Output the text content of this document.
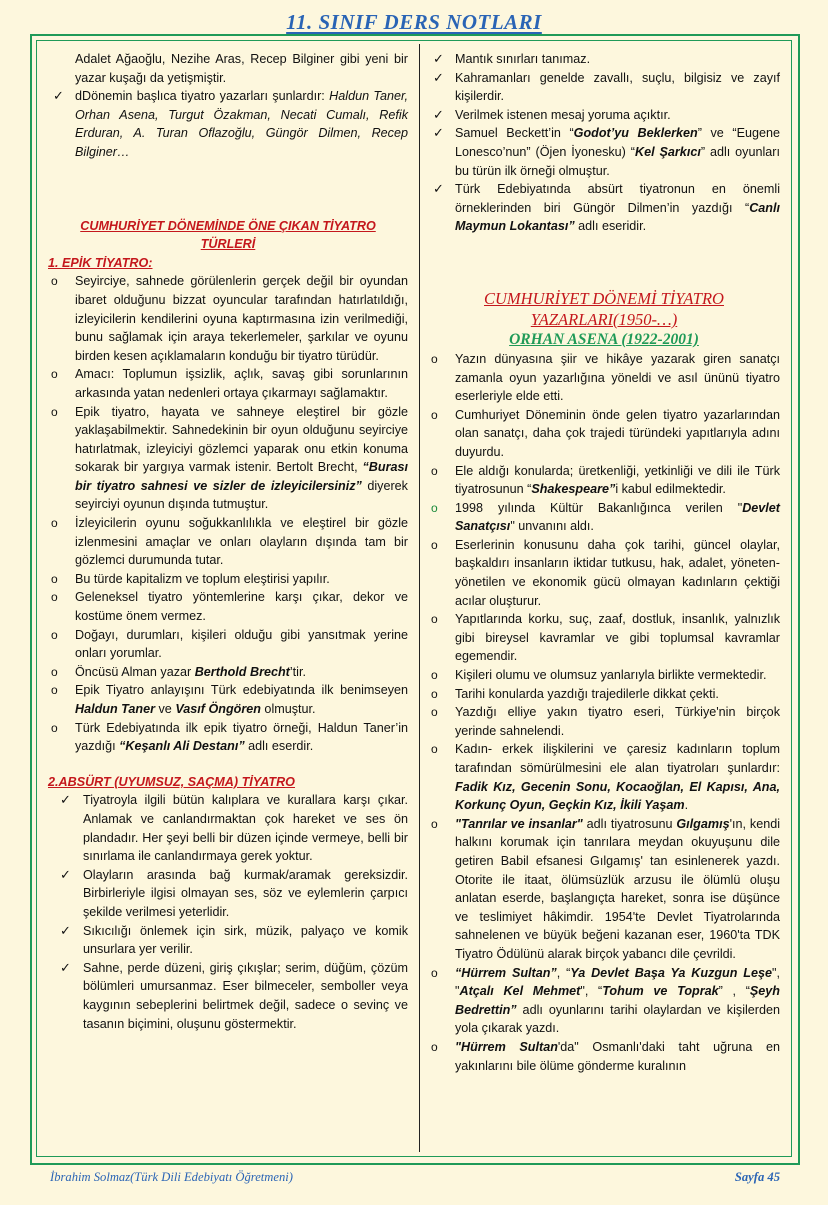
11. SINIF DERS NOTLARI

Adalet Ağaoğlu, Nezihe Aras, Recep Bilginer gibi yeni bir yazar kuşağı da yetişmiştir.

✓ dDönemin başlıca tiyatro yazarları şunlardır: Haldun Taner, Orhan Asena, Turgut Özakman, Necati Cumalı, Refik Erduran, A. Turan Oflazoğlu, Güngör Dilmen, Recep Bilginer…

CUMHURİYET DÖNEMİNDE ÖNE ÇIKAN TİYATRO TÜRLERİ
1. EPİK TİYATRO:

o Seyirciye, sahnede görülenlerin gerçek değil bir oyundan ibaret olduğunu bizzat oyuncular tarafından hatırlatıldığı, izleyicilerin kendilerini oyuna kaptırmasına izin verilmediği, bunu sağlamak için araya tekerlemeler, şarkılar ve oyunu birden kesen açıklamaların konduğu bir tiyatro türüdür.

o Amacı: Toplumun işsizlik, açlık, savaş gibi sorunlarının arkasında yatan nedenleri ortaya çıkarmayı sağlamaktır.

o Epik tiyatro, hayata ve sahneye eleştirel bir gözle yaklaşabilmektir. Sahnedekinin bir oyun olduğunu seyirciye hatırlatmak, izleyiciyi gözlemci yaparak onu etkin konuma sokarak bir yargıya varmak istenir. Bertolt Brecht, “Burası bir tiyatro sahnesi ve sizler de izleyicilersiniz” diyerek seyirciyi oyunun dışında tutmuştur.

o İzleyicilerin oyunu soğukkanlılıkla ve eleştirel bir gözle izlenmesini amaçlar ve onları olayların dışında tam bir gözlemci durumunda tutar.

o Bu türde kapitalizm ve toplum eleştirisi yapılır.

o Geleneksel tiyatro yöntemlerine karşı çıkar, dekor ve kostüme önem vermez.

o Doğayı, durumları, kişileri olduğu gibi yansıtmak yerine onları yorumlar.

o Öncüsü Alman yazar Berthold Brecht’tir.

o Epik Tiyatro anlayışını Türk edebiyatında ilk benimseyen Haldun Taner ve Vasıf Öngören olmuştur.

o Türk Edebiyatında ilk epik tiyatro örneği, Haldun Taner’in yazdığı “Keşanlı Ali Destanı” adlı eserdir.

2.ABSÜRT (UYUMSUZ, SAÇMA) TİYATRO

✓ Tiyatroyla ilgili bütün kalıplara ve kurallara karşı çıkar. Anlamak ve canlandırmaktan çok hareket ve ses ön plandadır. Her şeyi belli bir düzen içinde vermeye, belli bir sınırlama ile canlandırmaya gerek yoktur.

✓ Olayların arasında bağ kurmak/aramak gereksizdir. Birbirleriyle ilgisi olmayan ses, söz ve eylemlerin çarpıcı şekilde verilmesi yeterlidir.

✓ Sıkıcılığı önlemek için sirk, müzik, palyaço ve komik unsurlara yer verilir.

✓ Sahne, perde düzeni, giriş çıkışlar; serim, düğüm, çözüm bölümleri umursanmaz. Eser bilmeceler, semboller veya kaygının sebeplerini belirtmek değil, sadece o sevinç ve tasanın biçimini, oluşunu göstermektir.

✓ Mantık sınırları tanımaz.

✓ Kahramanları genelde zavallı, suçlu, bilgisiz ve zayıf kişilerdir.

✓ Verilmek istenen mesaj yoruma açıktır.

✓ Samuel Beckett’in “Godot’yu Beklerken” ve “Eugene Lonesco’nun” (Öjen İyonesku) “Kel Şarkıcı” adlı oyunları bu türün ilk örneği olmuştur.

✓ Türk Edebiyatında absürt tiyatronun en önemli örneklerinden biri Güngör Dilmen’in yazdığı “Canlı Maymun Lokantası” adlı eseridir.

CUMHURİYET DÖNEMİ TİYATRO YAZARLARI(1950-…)
ORHAN ASENA (1922-2001)

o Yazın dünyasına şiir ve hikâye yazarak giren sanatçı zamanla oyun yazarlığına yöneldi ve asıl ününü tiyatro eserleriyle elde etti.

o Cumhuriyet Döneminin önde gelen tiyatro yazarlarından olan sanatçı, daha çok trajedi türündeki yapıtlarıyla adını duyurdu.

o Ele aldığı konularda; üretkenliği, yetkinliği ve dili ile Türk tiyatrosunun “Shakespeare”i kabul edilmektedir.

o 1998 yılında Kültür Bakanlığınca verilen "Devlet Sanatçısı" unvanını aldı.

o Eserlerinin konusunu daha çok tarihi, güncel olaylar, başkaldırı insanların iktidar tutkusu, hak, adalet, yöneten-yönetilen ve ekonomik gücü olmayan kadınların çektiği acılar oluşturur.

o Yapıtlarında korku, suç, zaaf, dostluk, insanlık, yalnızlık gibi bireysel kavramlar ve gibi toplumsal kavramlar egemendir.

o Kişileri olumu ve olumsuz yanlarıyla birlikte vermektedir.

o Tarihi konularda yazdığı trajedilerle dikkat çekti.

o Yazdığı elliye yakın tiyatro eseri, Türkiye'nin birçok yerinde sahnelendi.

o Kadın- erkek ilişkilerini ve çaresiz kadınların toplum tarafından sömürülmesini ele alan tiyatroları şunlardır: Fadik Kız, Gecenin Sonu, Kocaoğlan, El Kapısı, Ana, Korkunç Oyun, Geçkin Kız, İkili Yaşam.

o "Tanrılar ve insanlar" adlı tiyatrosunu Gılgamış'ın, kendi halkını korumak için tanrılara meydan okuyuşunu dile getiren Babil efsanesi Gılgamış' tan esinlenerek yazdı. Otorite ile itaat, ölümsüzlük arzusu ile ölümlü oluşu anlatan eserde, başlangıçta hareket, sonra ise düşünce ve teslimiyet hâkimdir. 1954'te Devlet Tiyatrolarında sahnelenen ve büyük beğeni kazanan eser, 1960'ta TDK Tiyatro Ödülünü alarak birçok yabancı dile çevrildi.

o “Hürrem Sultan”, “Ya Devlet Başa Ya Kuzgun Leşe", "Atçalı Kel Mehmet", “Tohum ve Toprak” , “Şeyh Bedrettin” adlı oyunlarını tarihi olaylardan ve kişilerden yola çıkarak yazdı.

o "Hürrem Sultan'da" Osmanlı'daki taht uğruna en yakınlarını bile ölüme gönderme kuralının

İbrahim Solmaz(Türk Dili Edebiyatı Öğretmeni)	Sayfa 45
